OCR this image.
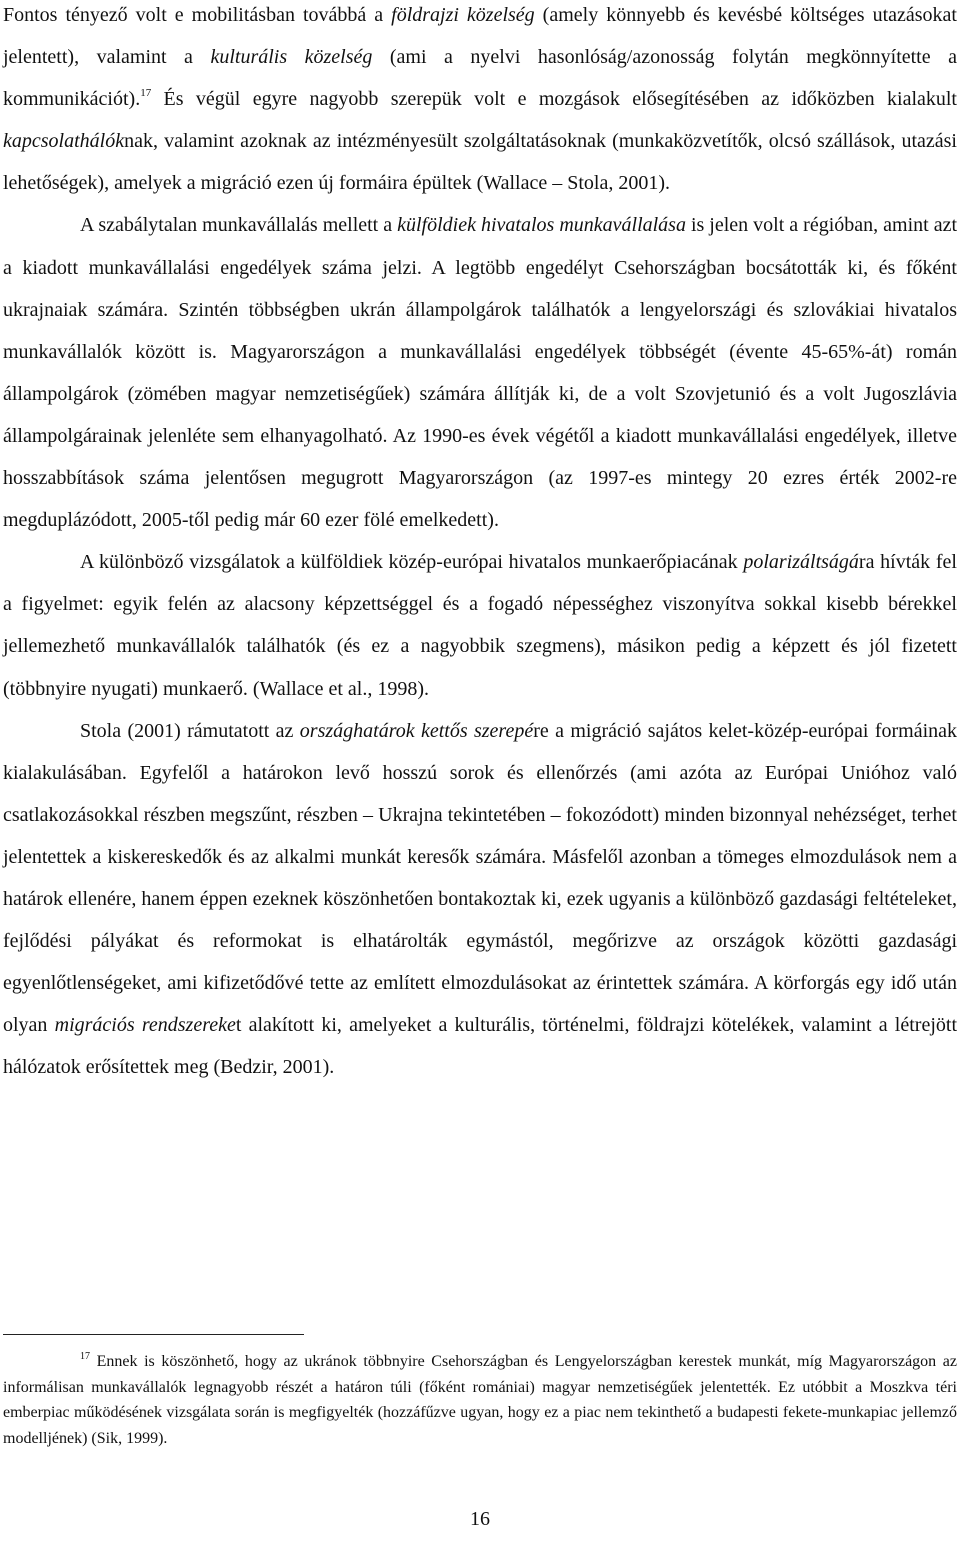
Fontos tényező volt e mobilitásban továbbá a földrajzi közelség (amely könnyebb és kevésbé költséges utazásokat jelentett), valamint a kulturális közelség (ami a nyelvi hasonlóság/azonosság folytán megkönnyítette a kommunikációt).$^{17}$ És végül egyre nagyobb szerepük volt e mozgások elősegítésében az időközben kialakult kapcsolathálóknak, valamint azoknak az intézményesült szolgáltatásoknak (munkaközvetítők, olcsó szállások, utazási lehetőségek), amelyek a migráció ezen új formáira épültek (Wallace – Stola, 2001).

A szabálytalan munkavállalás mellett a külföldiek hivatalos munkavállalása is jelen volt a régióban, amint azt a kiadott munkavállalási engedélyek száma jelzi. A legtöbb engedélyt Csehországban bocsátották ki, és főként ukrajnaiak számára. Szintén többségben ukrán állampolgárok találhatók a lengyelországi és szlovákiai hivatalos munkavállalók között is. Magyarországon a munkavállalási engedélyek többségét (évente 45-65%-át) román állampolgárok (zömében magyar nemzetiségűek) számára állítják ki, de a volt Szovjetunió és a volt Jugoszlávia állampolgárainak jelenléte sem elhanyagolható. Az 1990-es évek végétől a kiadott munkavállalási engedélyek, illetve hosszabbítások száma jelentősen megugrott Magyarországon (az 1997-es mintegy 20 ezres érték 2002-re megduplázódott, 2005-től pedig már 60 ezer fölé emelkedett).

A különböző vizsgálatok a külföldiek közép-európai hivatalos munkaerőpiacának polarizáltságára hívták fel a figyelmet: egyik felén az alacsony képzettséggel és a fogadó népességhez viszonyítva sokkal kisebb bérekkel jellemezhető munkavállalók találhatók (és ez a nagyobbik szegmens), másikon pedig a képzett és jól fizetett (többnyire nyugati) munkaerő. (Wallace et al., 1998).

Stola (2001) rámutatott az országhatárok kettős szerepére a migráció sajátos kelet-közép-európai formáinak kialakulásában. Egyfelől a határokon levő hosszú sorok és ellenőrzés (ami azóta az Európai Unióhoz való csatlakozásokkal részben megszűnt, részben – Ukrajna tekintetében – fokozódott) minden bizonnyal nehézséget, terhet jelentettek a kiskereskedők és az alkalmi munkát keresők számára. Másfelől azonban a tömeges elmozdulások nem a határok ellenére, hanem éppen ezeknek köszönhetően bontakoztak ki, ezek ugyanis a különböző gazdasági feltételeket, fejlődési pályákat és reformokat is elhatárolták egymástól, megőrizve az országok közötti gazdasági egyenlőtlenségeket, ami kifizetődővé tette az említett elmozdulásokat az érintettek számára. A körforgás egy idő után olyan migrációs rendszereket alakított ki, amelyeket a kulturális, történelmi, földrajzi kötelékek, valamint a létrejött hálózatok erősítettek meg (Bedzir, 2001).

$^{17}$ Ennek is köszönhető, hogy az ukránok többnyire Csehországban és Lengyelországban kerestek munkát, míg Magyarországon az informálisan munkavállalók legnagyobb részét a határon túli (főként romániai) magyar nemzetiségűek jelentették. Ez utóbbit a Moszkva téri emberpiac működésének vizsgálata során is megfigyelték (hozzáfűzve ugyan, hogy ez a piac nem tekinthető a budapesti fekete-munkapiac jellemző modelljének) (Sik, 1999).

16
